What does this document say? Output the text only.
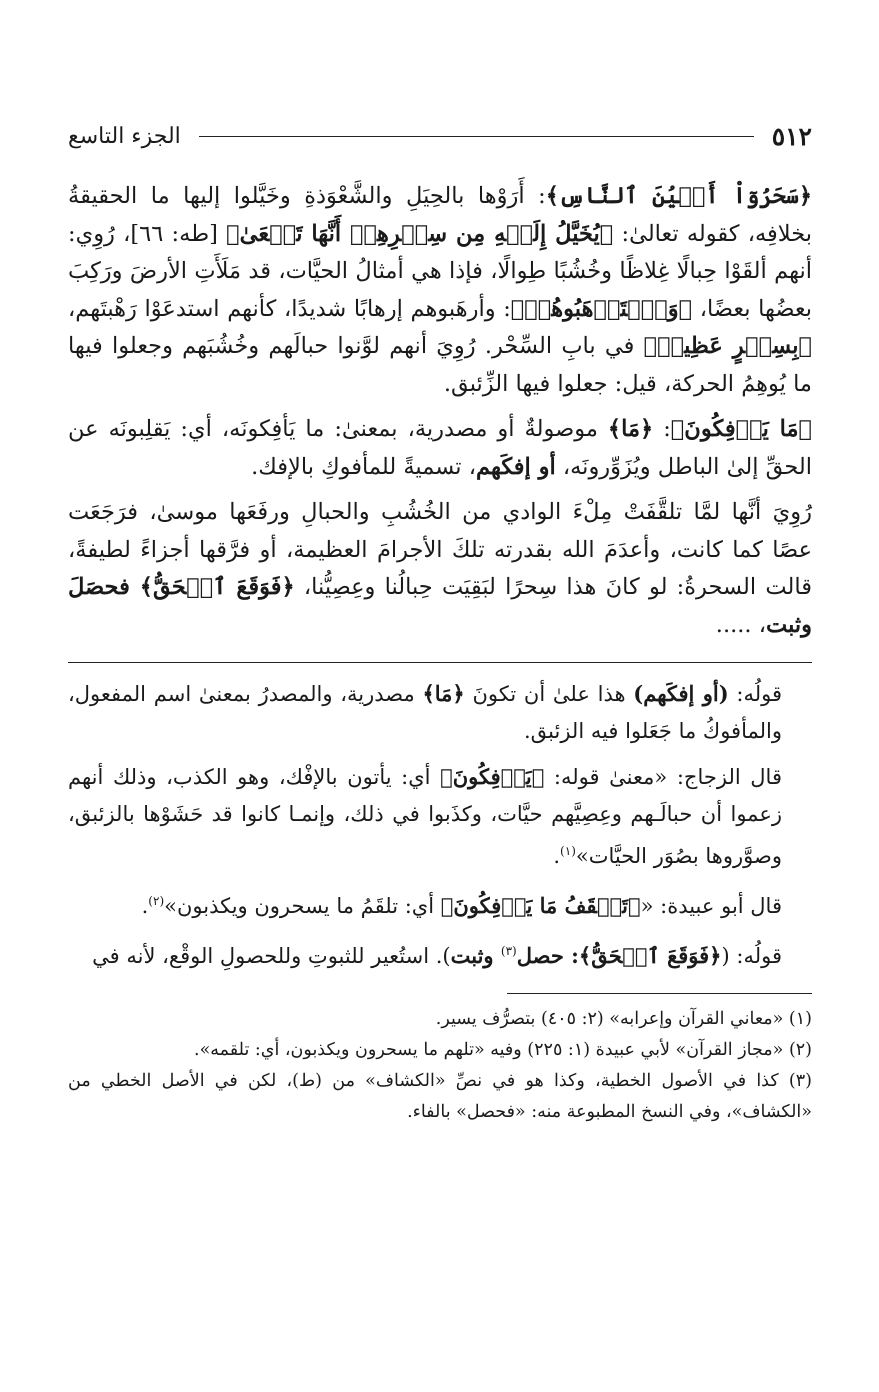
٥١٢
الجزء التاسع

﴿سَحَرُوٓاْ أَعۡيُنَ ٱلنَّاسِ﴾: أَرَوْها بالحِيَلِ والشَّعْوَذةِ وخَيَّلوا إليها ما الحقيقةُ بخلافِه، كقوله تعالىٰ: ﴿يُخَيَّلُ إِلَيۡهِ مِن سِحۡرِهِمۡ أَنَّهَا تَسۡعَىٰ﴾ [طه: ٦٦]، رُوِي: أنهم ألقَوْا حِبالًا غِلاظًا وخُشُبًا طِوالًا، فإذا هي أمثالُ الحيَّات، قد مَلَأَتِ الأرضَ ورَكِبَ بعضُها بعضًا، ﴿وَٱسۡتَرۡهَبُوهُمۡ﴾: وأرهَبوهم إرهابًا شديدًا، كأنهم استدعَوْا رَهْبتَهم، ﴿بِسِحۡرٍ عَظِيمٖ﴾ في بابِ السِّحْر. رُوِيَ أنهم لوَّنوا حبالَهم وخُشُبَهم وجعلوا فيها ما يُوهِمُ الحركة، قيل: جعلوا فيها الزِّئبق.

﴿مَا يَأۡفِكُونَ﴾: ﴿مَا﴾ موصولةٌ أو مصدرية، بمعنىٰ: ما يَأفِكونَه، أي: يَقلِبونَه عن الحقِّ إلىٰ الباطل ويُزَوِّرونَه، أو إفكَهم، تسميةً للمأفوكِ بالإفك.

رُوِيَ أنَّها لمَّا تلقَّفَتْ مِلْءَ الوادي من الخُشُبِ والحبالِ ورفَعَها موسىٰ، فرَجَعَت عصًا كما كانت، وأعدَمَ الله بقدرته تلكَ الأجرامَ العظيمة، أو فرَّقها أجزاءً لطيفةً، قالت السحرةُ: لو كانَ هذا سِحرًا لبَقِيَت حِبالُنا وعِصِيُّنا، ﴿فَوَقَعَ ٱلۡحَقُّ﴾ فحصَلَ وثبت، .....

قولُه: (أو إفكَهم) هذا علىٰ أن تكونَ ﴿مَا﴾ مصدرية، والمصدرُ بمعنىٰ اسم المفعول، والمأفوكُ ما جَعَلوا فيه الزئبق.

قال الزجاج: «معنىٰ قوله: ﴿يَأۡفِكُونَ﴾ أي: يأتون بالإفْك، وهو الكذب، وذلك أنهم زعموا أن حبالَـهم وعِصِيَّهم حيَّات، وكذَبوا في ذلك، وإنمـا كانوا قد حَشَوْها بالزئبق، وصوَّروها بصُوَر الحيَّات»$^{(١)}$.

قال أبو عبيدة: «﴿تَلۡقَفُ مَا يَأۡفِكُونَ﴾ أي: تلقَمُ ما يسحرون ويكذبون»$^{(٢)}$.

قولُه: (﴿فَوَقَعَ ٱلۡحَقُّ﴾: حصل$^{(٣)}$ وثبت). استُعير للثبوتِ وللحصولِ الوقْع، لأنه في

(١) «معاني القرآن وإعرابه» (٢: ٤٠٥) بتصرُّف يسير.

(٢) «مجاز القرآن» لأبي عبيدة (١: ٢٢٥) وفيه «تلهم ما يسحرون ويكذبون، أي: تلقمه».

(٣) كذا في الأصول الخطية، وكذا هو في نصِّ «الكشاف» من (ط)، لكن في الأصل الخطي من «الكشاف»، وفي النسخ المطبوعة منه: «فحصل» بالفاء.
